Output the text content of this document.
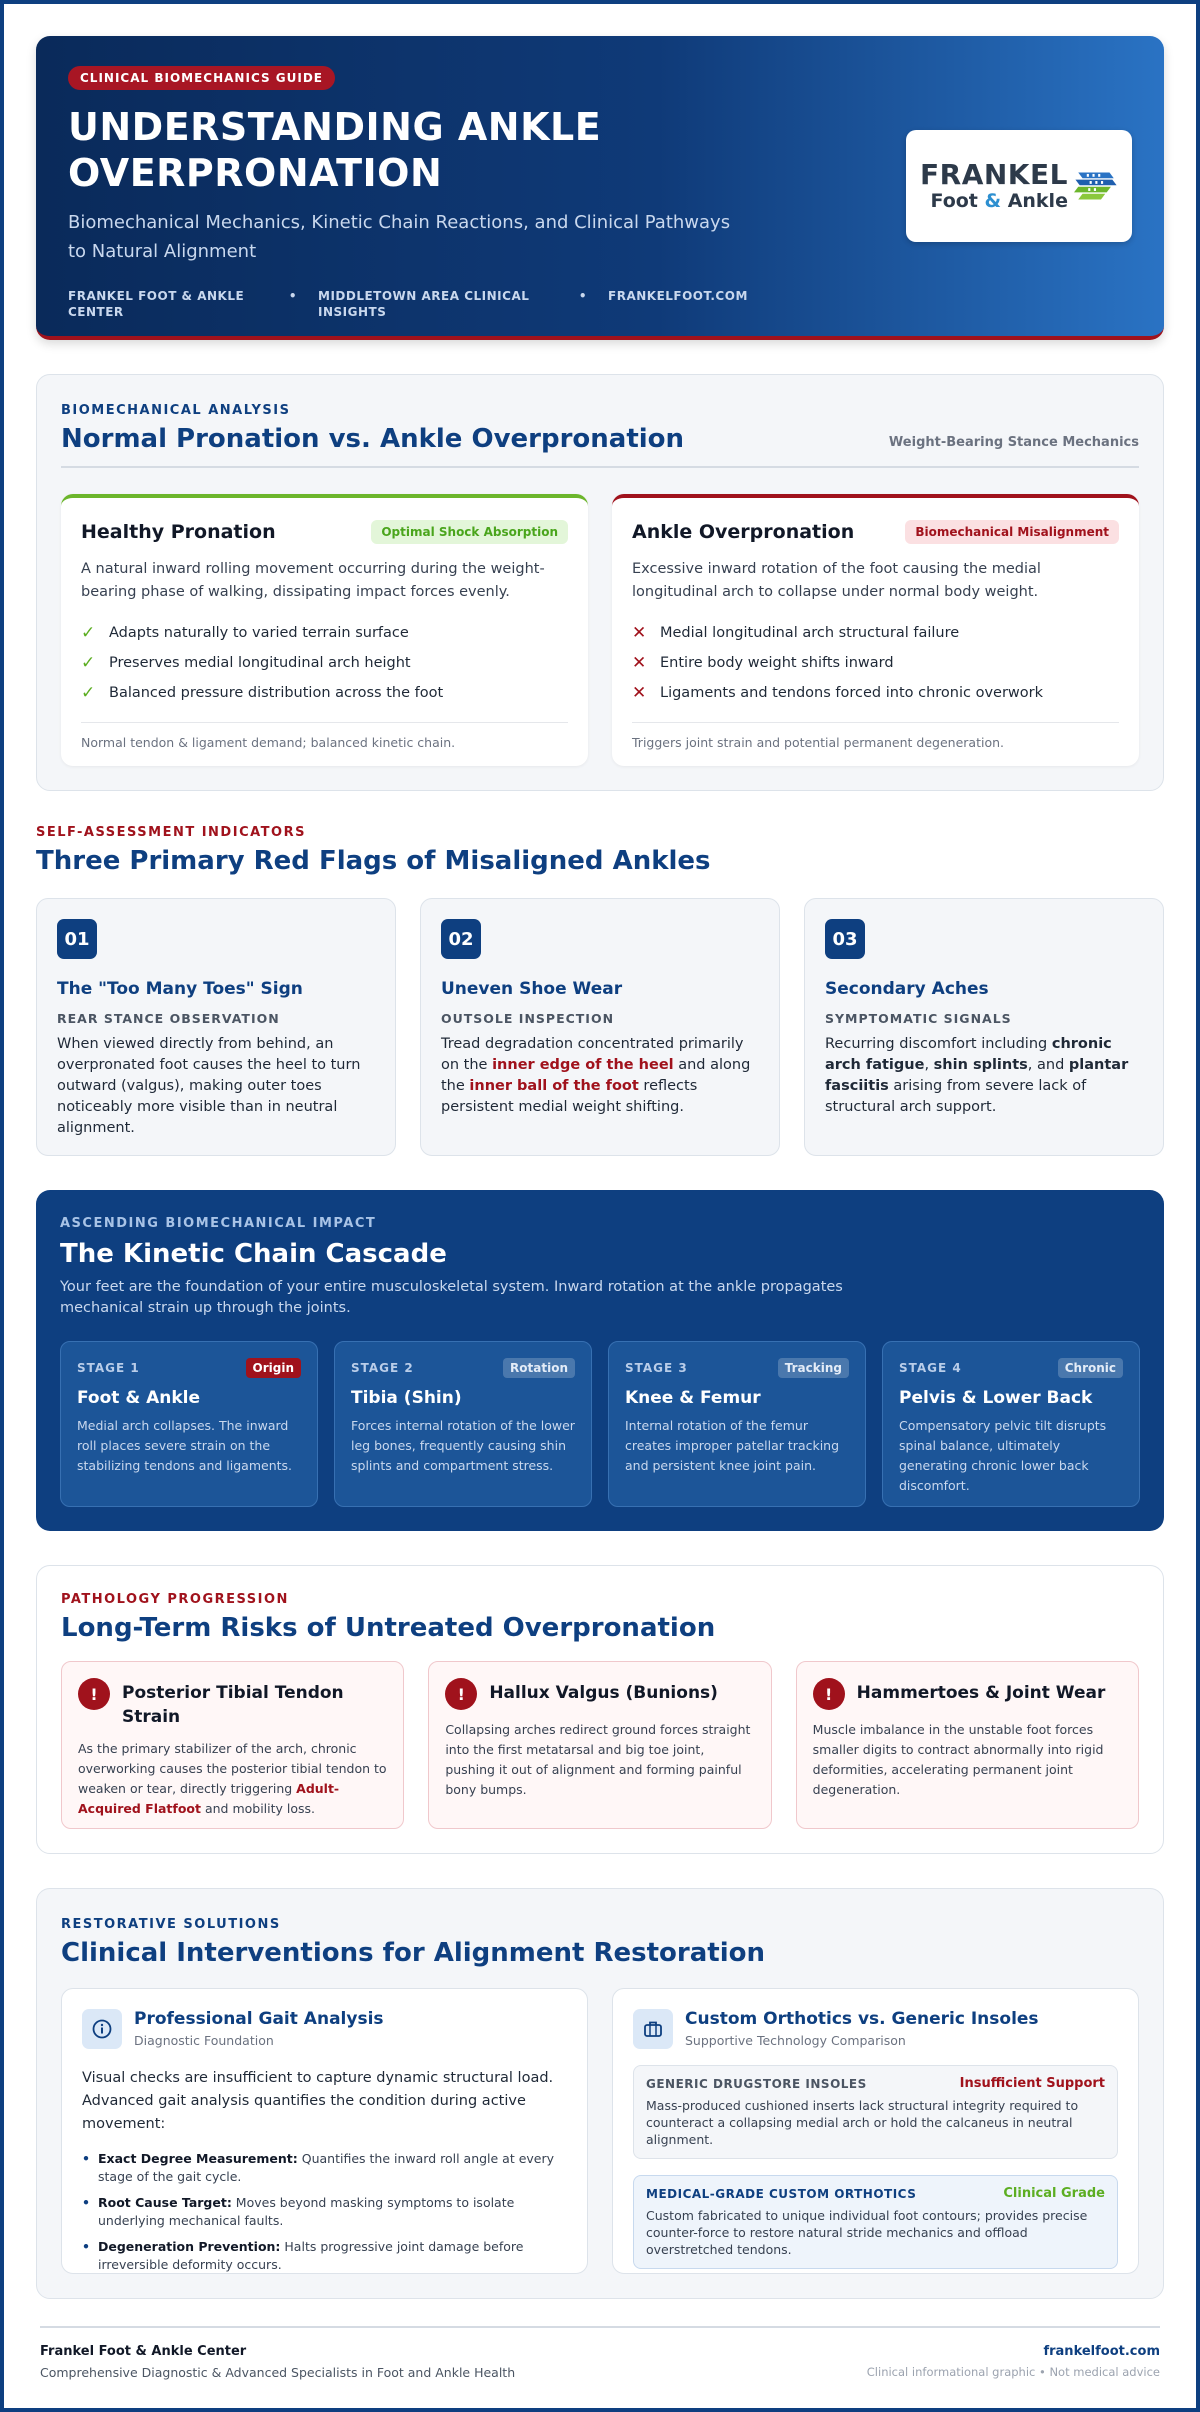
CLINICAL BIOMECHANICS GUIDE
UNDERSTANDING ANKLE OVERPRONATION

Biomechanical Mechanics, Kinetic Chain Reactions, and Clinical Pathways to Natural Alignment

FRANKEL FOOT & ANKLE CENTER
•	MIDDLETOWN AREA CLINICAL INSIGHTS
•	FRANKELFOOT.COM
FRANKEL
Foot & Ankle
BIOMECHANICAL ANALYSIS
Normal Pronation vs. Ankle Overpronation	Weight-Bearing Stance Mechanics
Healthy Pronation	Optimal Shock Absorption

A natural inward rolling movement occurring during the weight-bearing phase of walking, dissipating impact forces evenly.

✓ Adapts naturally to varied terrain surface
✓ Preserves medial longitudinal arch height
✓ Balanced pressure distribution across the foot
Normal tendon & ligament demand; balanced kinetic chain.
Ankle Overpronation	Biomechanical Misalignment

Excessive inward rotation of the foot causing the medial longitudinal arch to collapse under normal body weight.

✕ Medial longitudinal arch structural failure
✕ Entire body weight shifts inward
✕ Ligaments and tendons forced into chronic overwork
Triggers joint strain and potential permanent degeneration.
SELF-ASSESSMENT INDICATORS
Three Primary Red Flags of Misaligned Ankles
01
The "Too Many Toes" Sign
REAR STANCE OBSERVATION

When viewed directly from behind, an overpronated foot causes the heel to turn outward (valgus), making outer toes noticeably more visible than in neutral alignment.

02
Uneven Shoe Wear
OUTSOLE INSPECTION

Tread degradation concentrated primarily on the inner edge of the heel and along the inner ball of the foot reflects persistent medial weight shifting.

03
Secondary Aches
SYMPTOMATIC SIGNALS

Recurring discomfort including chronic arch fatigue, shin splints, and plantar fasciitis arising from severe lack of structural arch support.

ASCENDING BIOMECHANICAL IMPACT
The Kinetic Chain Cascade

Your feet are the foundation of your entire musculoskeletal system. Inward rotation at the ankle propagates mechanical strain up through the joints.

STAGE 1	Origin
Foot & Ankle

Medial arch collapses. The inward roll places severe strain on the stabilizing tendons and ligaments.

STAGE 2	Rotation
Tibia (Shin)

Forces internal rotation of the lower leg bones, frequently causing shin splints and compartment stress.

STAGE 3	Tracking
Knee & Femur

Internal rotation of the femur creates improper patellar tracking and persistent knee joint pain.

STAGE 4	Chronic
Pelvis & Lower Back

Compensatory pelvic tilt disrupts spinal balance, ultimately generating chronic lower back discomfort.

PATHOLOGY PROGRESSION
Long-Term Risks of Untreated Overpronation
!	Posterior Tibial Tendon Strain

As the primary stabilizer of the arch, chronic overworking causes the posterior tibial tendon to weaken or tear, directly triggering Adult-Acquired Flatfoot and mobility loss.

!	Hallux Valgus (Bunions)

Collapsing arches redirect ground forces straight into the first metatarsal and big toe joint, pushing it out of alignment and forming painful bony bumps.

!	Hammertoes & Joint Wear

Muscle imbalance in the unstable foot forces smaller digits to contract abnormally into rigid deformities, accelerating permanent joint degeneration.

RESTORATIVE SOLUTIONS
Clinical Interventions for Alignment Restoration
Professional Gait Analysis
Diagnostic Foundation

Visual checks are insufficient to capture dynamic structural load. Advanced gait analysis quantifies the condition during active movement:

• Exact Degree Measurement: Quantifies the inward roll angle at every stage of the gait cycle.
• Root Cause Target: Moves beyond masking symptoms to isolate underlying mechanical faults.
• Degeneration Prevention: Halts progressive joint damage before irreversible deformity occurs.
Custom Orthotics vs. Generic Insoles
Supportive Technology Comparison
GENERIC DRUGSTORE INSOLES	Insufficient Support

Mass-produced cushioned inserts lack structural integrity required to counteract a collapsing medial arch or hold the calcaneus in neutral alignment.

MEDICAL-GRADE CUSTOM ORTHOTICS	Clinical Grade

Custom fabricated to unique individual foot contours; provides precise counter-force to restore natural stride mechanics and offload overstretched tendons.

Frankel Foot & Ankle Center
Comprehensive Diagnostic & Advanced Specialists in Foot and Ankle Health
frankelfoot.com
Clinical informational graphic • Not medical advice
